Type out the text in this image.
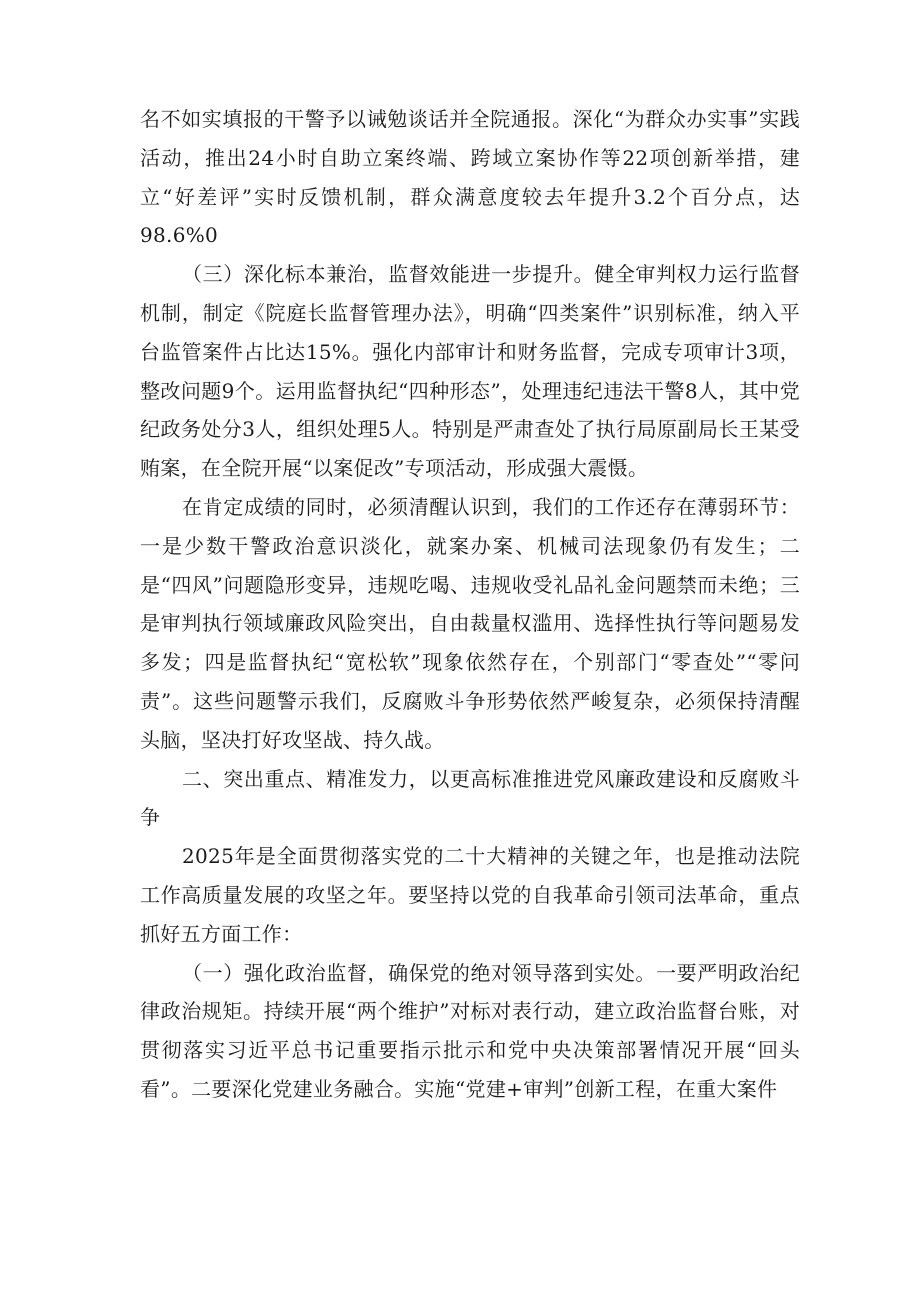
名不如实填报的干警予以诫勉谈话并全院通报。深化“为群众办实事”实践活动，推出24小时自助立案终端、跨域立案协作等22项创新举措，建立“好差评”实时反馈机制，群众满意度较去年提升3.2个百分点，达98.6%0

（三）深化标本兼治，监督效能进一步提升。健全审判权力运行监督机制，制定《院庭长监督管理办法》，明确“四类案件”识别标准，纳入平台监管案件占比达15%。强化内部审计和财务监督，完成专项审计3项，整改问题9个。运用监督执纪“四种形态”，处理违纪违法干警8人，其中党纪政务处分3人，组织处理5人。特别是严肃查处了执行局原副局长王某受贿案，在全院开展“以案促改”专项活动，形成强大震慑。

在肯定成绩的同时，必须清醒认识到，我们的工作还存在薄弱环节：一是少数干警政治意识淡化，就案办案、机械司法现象仍有发生；二是“四风”问题隐形变异，违规吃喝、违规收受礼品礼金问题禁而未绝；三是审判执行领域廉政风险突出，自由裁量权滥用、选择性执行等问题易发多发；四是监督执纪“宽松软”现象依然存在，个别部门“零查处”“零问责”。这些问题警示我们，反腐败斗争形势依然严峻复杂，必须保持清醒头脑，坚决打好攻坚战、持久战。

二、突出重点、精准发力，以更高标准推进党风廉政建设和反腐败斗争

2025年是全面贯彻落实党的二十大精神的关键之年，也是推动法院工作高质量发展的攻坚之年。要坚持以党的自我革命引领司法革命，重点抓好五方面工作：

（一）强化政治监督，确保党的绝对领导落到实处。一要严明政治纪律政治规矩。持续开展“两个维护”对标对表行动，建立政治监督台账，对贯彻落实习近平总书记重要指示批示和党中央决策部署情况开展“回头看”。二要深化党建业务融合。实施“党建+审判”创新工程，在重大案件
